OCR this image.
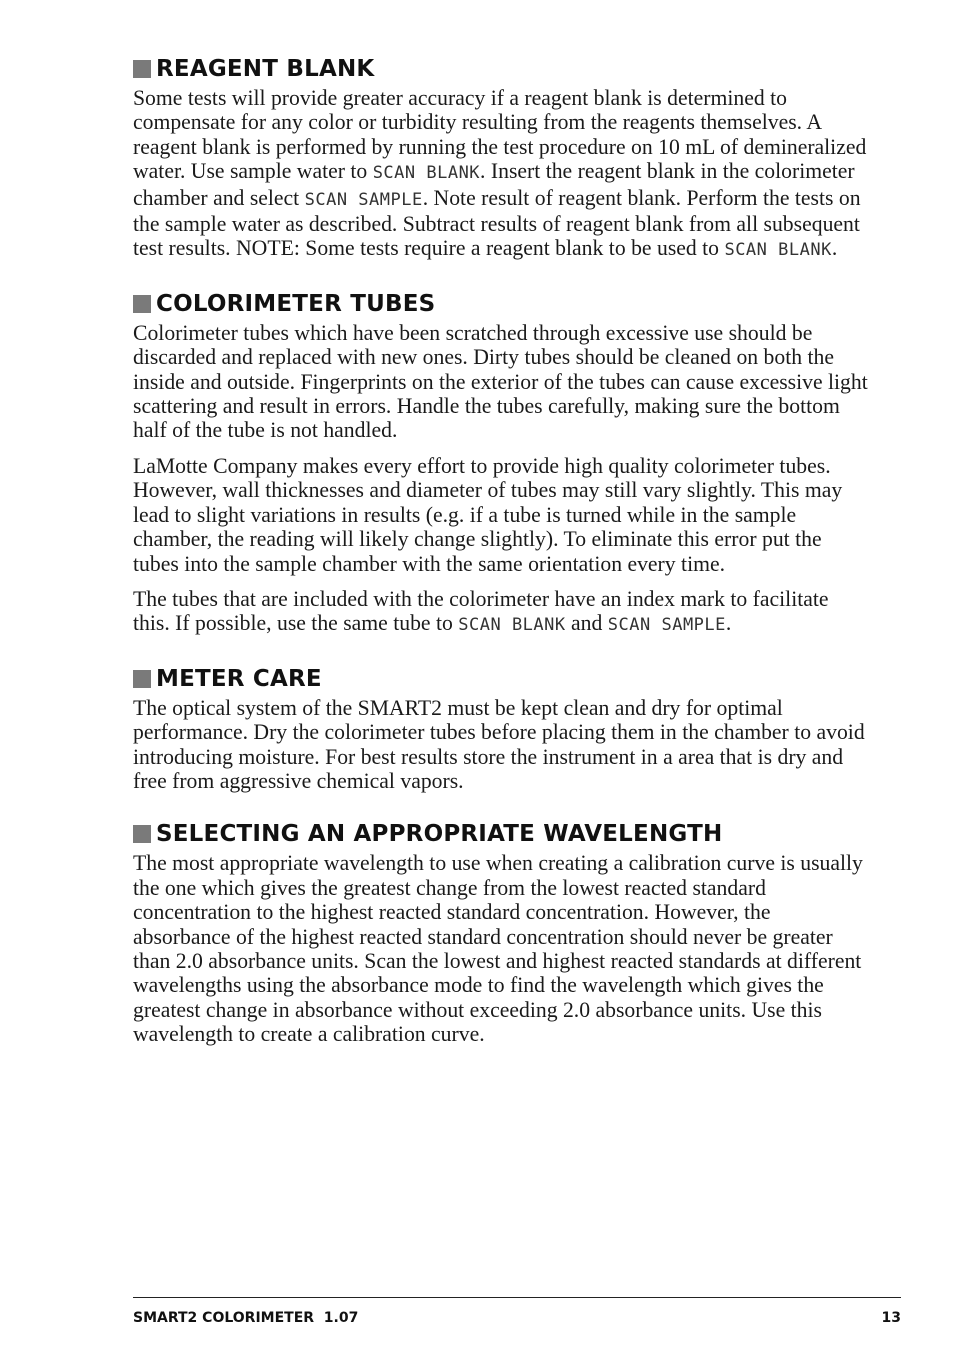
REAGENT BLANK

Some tests will provide greater accuracy if a reagent blank is determined to compensate for any color or turbidity resulting from the reagents themselves. A reagent blank is performed by running the test procedure on 10 mL of demineralized water. Use sample water to SCAN BLANK. Insert the reagent blank in the colorimeter chamber and select SCAN SAMPLE. Note result of reagent blank. Perform the tests on the sample water as described. Subtract results of reagent blank from all subsequent test results. NOTE: Some tests require a reagent blank to be used to SCAN BLANK.

COLORIMETER TUBES

Colorimeter tubes which have been scratched through excessive use should be discarded and replaced with new ones. Dirty tubes should be cleaned on both the inside and outside. Fingerprints on the exterior of the tubes can cause excessive light scattering and result in errors. Handle the tubes carefully, making sure the bottom half of the tube is not handled.

LaMotte Company makes every effort to provide high quality colorimeter tubes. However, wall thicknesses and diameter of tubes may still vary slightly. This may lead to slight variations in results (e.g. if a tube is turned while in the sample chamber, the reading will likely change slightly). To eliminate this error put the tubes into the sample chamber with the same orientation every time.

The tubes that are included with the colorimeter have an index mark to facilitate this. If possible, use the same tube to SCAN BLANK and SCAN SAMPLE.

METER CARE

The optical system of the SMART2 must be kept clean and dry for optimal performance. Dry the colorimeter tubes before placing them in the chamber to avoid introducing moisture. For best results store the instrument in a area that is dry and free from aggressive chemical vapors.

SELECTING AN APPROPRIATE WAVELENGTH

The most appropriate wavelength to use when creating a calibration curve is usually the one which gives the greatest change from the lowest reacted standard concentration to the highest reacted standard concentration. However, the absorbance of the highest reacted standard concentration should never be greater than 2.0 absorbance units. Scan the lowest and highest reacted standards at different wavelengths using the absorbance mode to find the wavelength which gives the greatest change in absorbance without exceeding 2.0 absorbance units. Use this wavelength to create a calibration curve.

SMART2 COLORIMETER  1.07	13
